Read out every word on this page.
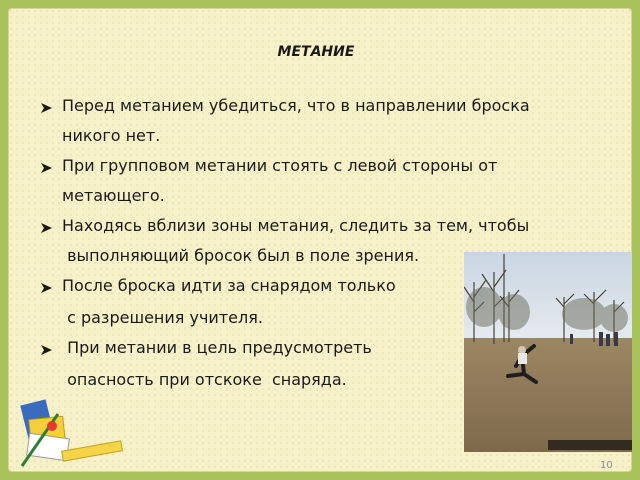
МЕТАНИЕ
Перед метанием убедиться, что в направлении броска
никого нет.
При групповом метании стоять с левой стороны от
метающего.
Находясь вблизи зоны метания, следить за тем, чтобы
выполняющий бросок был в поле зрения.
После броска идти за снарядом только
с разрешения учителя.
При метании в цель предусмотреть
опасность при отскоке  снаряда.
10
